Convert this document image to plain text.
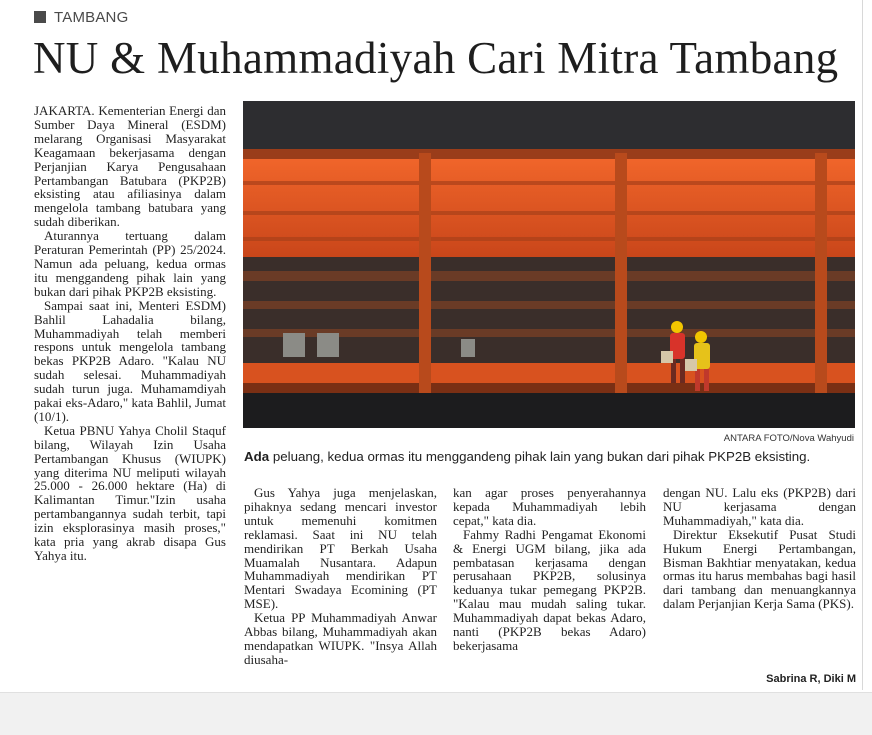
TAMBANG
NU & Muhammadiyah Cari Mitra Tambang

JAKARTA. Kementerian Energi dan Sumber Daya Mineral (ESDM) melarang Organisasi Masyarakat Keagamaan bekerjasama dengan Perjanjian Karya Pengusahaan Pertambangan Batubara (PKP2B) eksisting atau afiliasinya dalam mengelola tambang batubara yang sudah diberikan.

Aturannya tertuang dalam Peraturan Pemerintah (PP) 25/2024. Namun ada peluang, kedua ormas itu menggandeng pihak lain yang bukan dari pihak PKP2B eksisting.

Sampai saat ini, Menteri ESDM) Bahlil Lahadalia bilang, Muhammadiyah telah memberi respons untuk mengelola tambang bekas PKP2B Adaro. "Kalau NU sudah selesai. Muhammadiyah sudah turun juga. Muhamamdiyah pakai eks-Adaro," kata Bahlil, Jumat (10/1).

Ketua PBNU Yahya Cholil Staquf bilang, Wilayah Izin Usaha Pertambangan Khusus (WIUPK) yang diterima NU meliputi wilayah 25.000 - 26.000 hektare (Ha) di Kalimantan Timur."Izin usaha pertambangannya sudah terbit, tapi izin eksplorasinya masih proses," kata pria yang akrab disapa Gus Yahya itu.

ANTARA FOTO/Nova Wahyudi
Ada peluang, kedua ormas itu menggandeng pihak lain yang bukan dari pihak PKP2B eksisting.

Gus Yahya juga menjelaskan, pihaknya sedang mencari investor untuk memenuhi komitmen reklamasi. Saat ini NU telah mendirikan PT Berkah Usaha Muamalah Nusantara. Adapun Muhammadiyah mendirikan PT Mentari Swadaya Ecomining (PT MSE).

Ketua PP Muhammadiyah Anwar Abbas bilang, Muhammadiyah akan mendapatkan WIUPK. "Insya Allah diusaha-

kan agar proses penyerahannya kepada Muhammadiyah lebih cepat," kata dia.

Fahmy Radhi Pengamat Ekonomi & Energi UGM bilang, jika ada pembatasan kerjasama dengan perusahaan PKP2B, solusinya keduanya tukar pemegang PKP2B. "Kalau mau mudah saling tukar. Muhammadiyah dapat bekas Adaro, nanti (PKP2B bekas Adaro) bekerjasama

dengan NU. Lalu eks (PKP2B) dari NU kerjasama dengan Muhammadiyah," kata dia.

Direktur Eksekutif Pusat Studi Hukum Energi Pertambangan, Bisman Bakhtiar menyatakan, kedua ormas itu harus membahas bagi hasil dari tambang dan menuangkannya dalam Perjanjian Kerja Sama (PKS).

Sabrina R, Diki M
